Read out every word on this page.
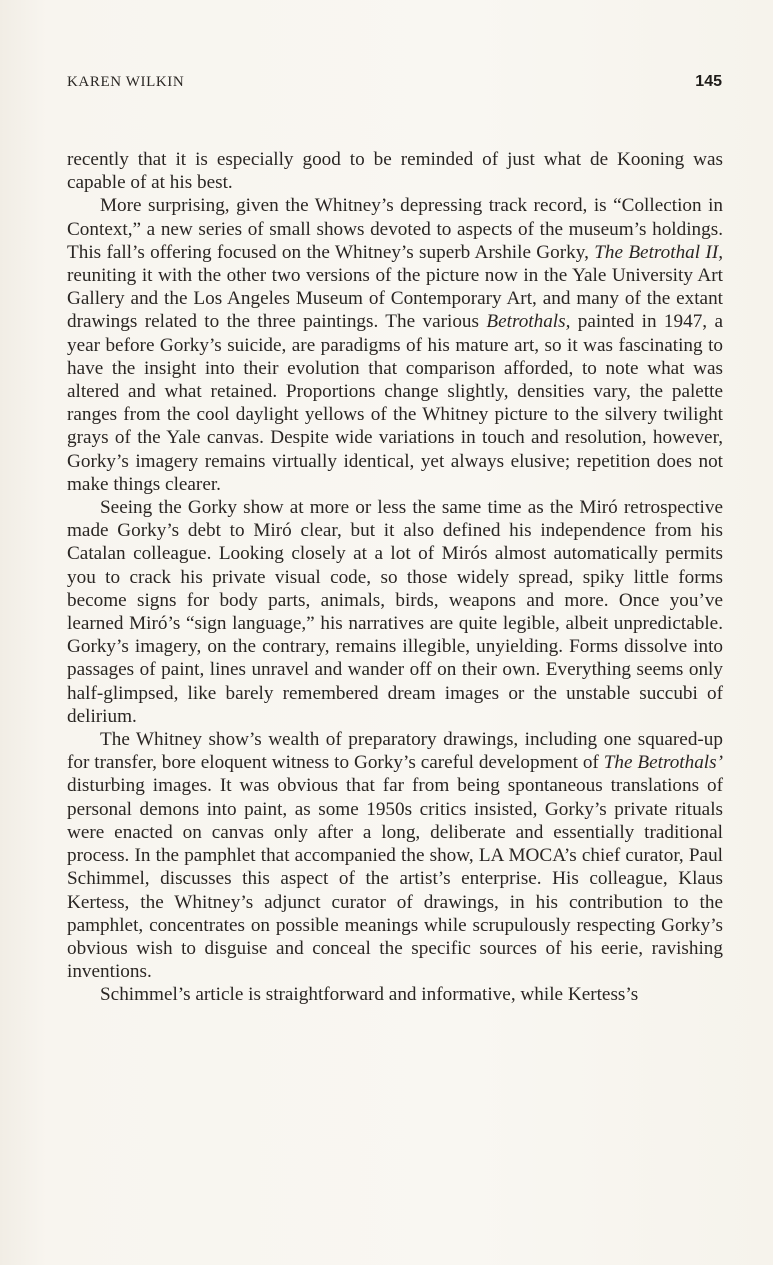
KAREN WILKIN	145

recently that it is especially good to be reminded of just what de Kooning was capable of at his best.

More surprising, given the Whitney’s depressing track record, is “Collection in Context,” a new series of small shows devoted to aspects of the museum’s holdings. This fall’s offering focused on the Whitney’s superb Arshile Gorky, The Betrothal II, reuniting it with the other two versions of the picture now in the Yale University Art Gallery and the Los Angeles Museum of Contemporary Art, and many of the extant drawings related to the three paintings. The various Betrothals, painted in 1947, a year before Gorky’s suicide, are paradigms of his mature art, so it was fascinating to have the insight into their evolution that comparison afforded, to note what was altered and what retained. Proportions change slightly, densities vary, the palette ranges from the cool daylight yellows of the Whitney picture to the silvery twilight grays of the Yale canvas. Despite wide variations in touch and resolution, however, Gorky’s imagery remains virtually identical, yet always elusive; repetition does not make things clearer.

Seeing the Gorky show at more or less the same time as the Miró retrospective made Gorky’s debt to Miró clear, but it also defined his independence from his Catalan colleague. Looking closely at a lot of Mirós almost automatically permits you to crack his private visual code, so those widely spread, spiky little forms become signs for body parts, animals, birds, weapons and more. Once you’ve learned Miró’s “sign language,” his narratives are quite legible, albeit unpredictable. Gorky’s imagery, on the contrary, remains illegible, unyielding. Forms dissolve into passages of paint, lines unravel and wander off on their own. Everything seems only half-glimpsed, like barely remembered dream images or the unstable succubi of delirium.

The Whitney show’s wealth of preparatory drawings, including one squared-up for transfer, bore eloquent witness to Gorky’s careful development of The Betrothals’ disturbing images. It was obvious that far from being spontaneous translations of personal demons into paint, as some 1950s critics insisted, Gorky’s private rituals were enacted on canvas only after a long, deliberate and essentially traditional process. In the pamphlet that accompanied the show, LA MOCA’s chief curator, Paul Schimmel, discusses this aspect of the artist’s enterprise. His colleague, Klaus Kertess, the Whitney’s adjunct curator of drawings, in his contribution to the pamphlet, concentrates on possible meanings while scrupulously respecting Gorky’s obvious wish to disguise and conceal the specific sources of his eerie, ravishing inventions.

Schimmel’s article is straightforward and informative, while Kertess’s
